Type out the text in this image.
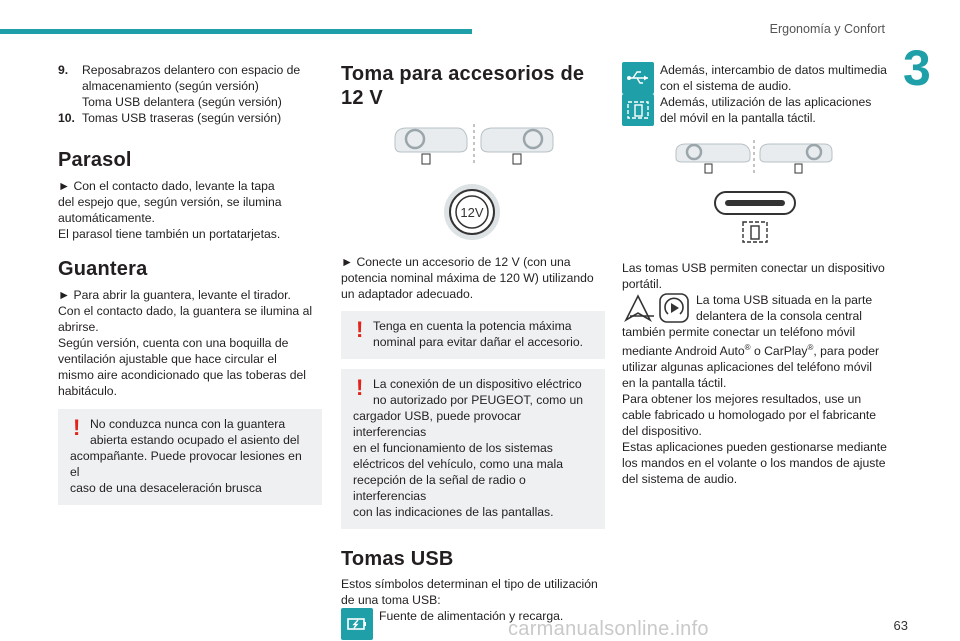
Ergonomía y Confort
3
9.	Reposabrazos delantero con espacio de
almacenamiento (según versión)
Toma USB delantera (según versión)
10. Tomas USB traseras (según versión)
Parasol
► Con el contacto dado, levante la tapa
del espejo que, según versión, se ilumina
automáticamente.
El parasol tiene también un portatarjetas.
Guantera
► Para abrir la guantera, levante el tirador.
Con el contacto dado, la guantera se ilumina al
abrirse.
Según versión, cuenta con una boquilla de
ventilación ajustable que hace circular el
mismo aire acondicionado que las toberas del
habitáculo.
! No conduzca nunca con la guantera
abierta estando ocupado el asiento del
acompañante. Puede provocar lesiones en el
caso de una desaceleración brusca
Toma para accesorios de
12 V
12V
► Conecte un accesorio de 12 V (con una
potencia nominal máxima de 120 W) utilizando
un adaptador adecuado.
! Tenga en cuenta la potencia máxima
nominal para evitar dañar el accesorio.
! La conexión de un dispositivo eléctrico
no autorizado por PEUGEOT, como un
cargador USB, puede provocar interferencias
en el funcionamiento de los sistemas
eléctricos del vehículo, como una mala
recepción de la señal de radio o interferencias
con las indicaciones de las pantallas.
Tomas USB
Estos símbolos determinan el tipo de utilización
de una toma USB:
Fuente de alimentación y recarga.
Además, intercambio de datos multimedia
con el sistema de audio.
Además, utilización de las aplicaciones
del móvil en la pantalla táctil.
Las tomas USB permiten conectar un dispositivo
portátil.
La toma USB situada en la parte
delantera de la consola central
también permite conectar un teléfono móvil
mediante Android Auto® o CarPlay®, para poder
utilizar algunas aplicaciones del teléfono móvil
en la pantalla táctil.
Para obtener los mejores resultados, use un
cable fabricado u homologado por el fabricante
del dispositivo.
Estas aplicaciones pueden gestionarse mediante
los mandos en el volante o los mandos de ajuste
del sistema de audio.
carmanualsonline.info	63
